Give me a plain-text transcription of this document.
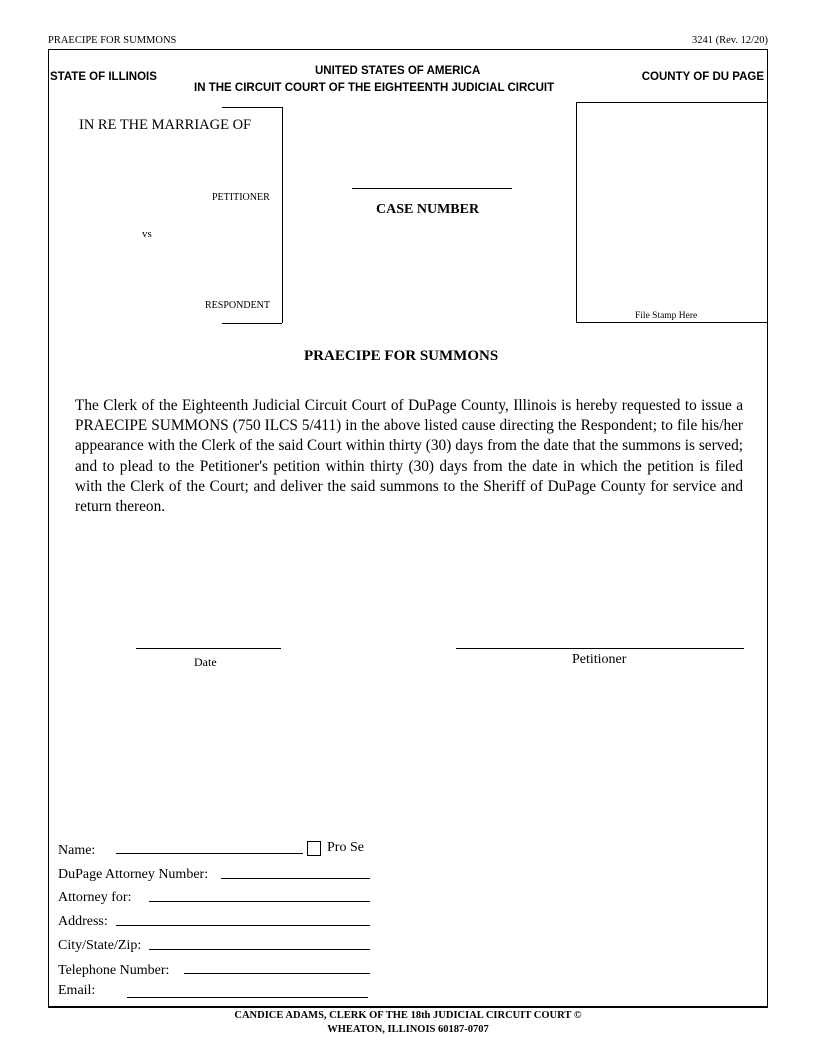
PRAECIPE FOR SUMMONS	3241 (Rev. 12/20)
STATE OF ILLINOIS	UNITED STATES OF AMERICA
IN THE CIRCUIT COURT OF THE EIGHTEENTH JUDICIAL CIRCUIT
COUNTY OF DU PAGE
IN RE THE MARRIAGE OF
PETITIONER
vs
RESPONDENT
CASE NUMBER
File Stamp Here
PRAECIPE FOR SUMMONS
The Clerk of the Eighteenth Judicial Circuit Court of DuPage County, Illinois is hereby requested to issue a PRAECIPE SUMMONS (750 ILCS 5/411) in the above listed cause directing the Respondent; to file his/her appearance with the Clerk of the said Court within thirty (30) days from the date that the summons is served; and to plead to the Petitioner's petition within thirty (30) days from the date in which the petition is filed with the Clerk of the Court; and deliver the said summons to the Sheriff of DuPage County for service and return thereon.
Date	Petitioner
Name:	Pro Se
DuPage Attorney Number:
Attorney for:
Address:
City/State/Zip:
Telephone Number:
Email:
CANDICE ADAMS, CLERK OF THE 18th JUDICIAL CIRCUIT COURT ©
WHEATON, ILLINOIS 60187-0707
